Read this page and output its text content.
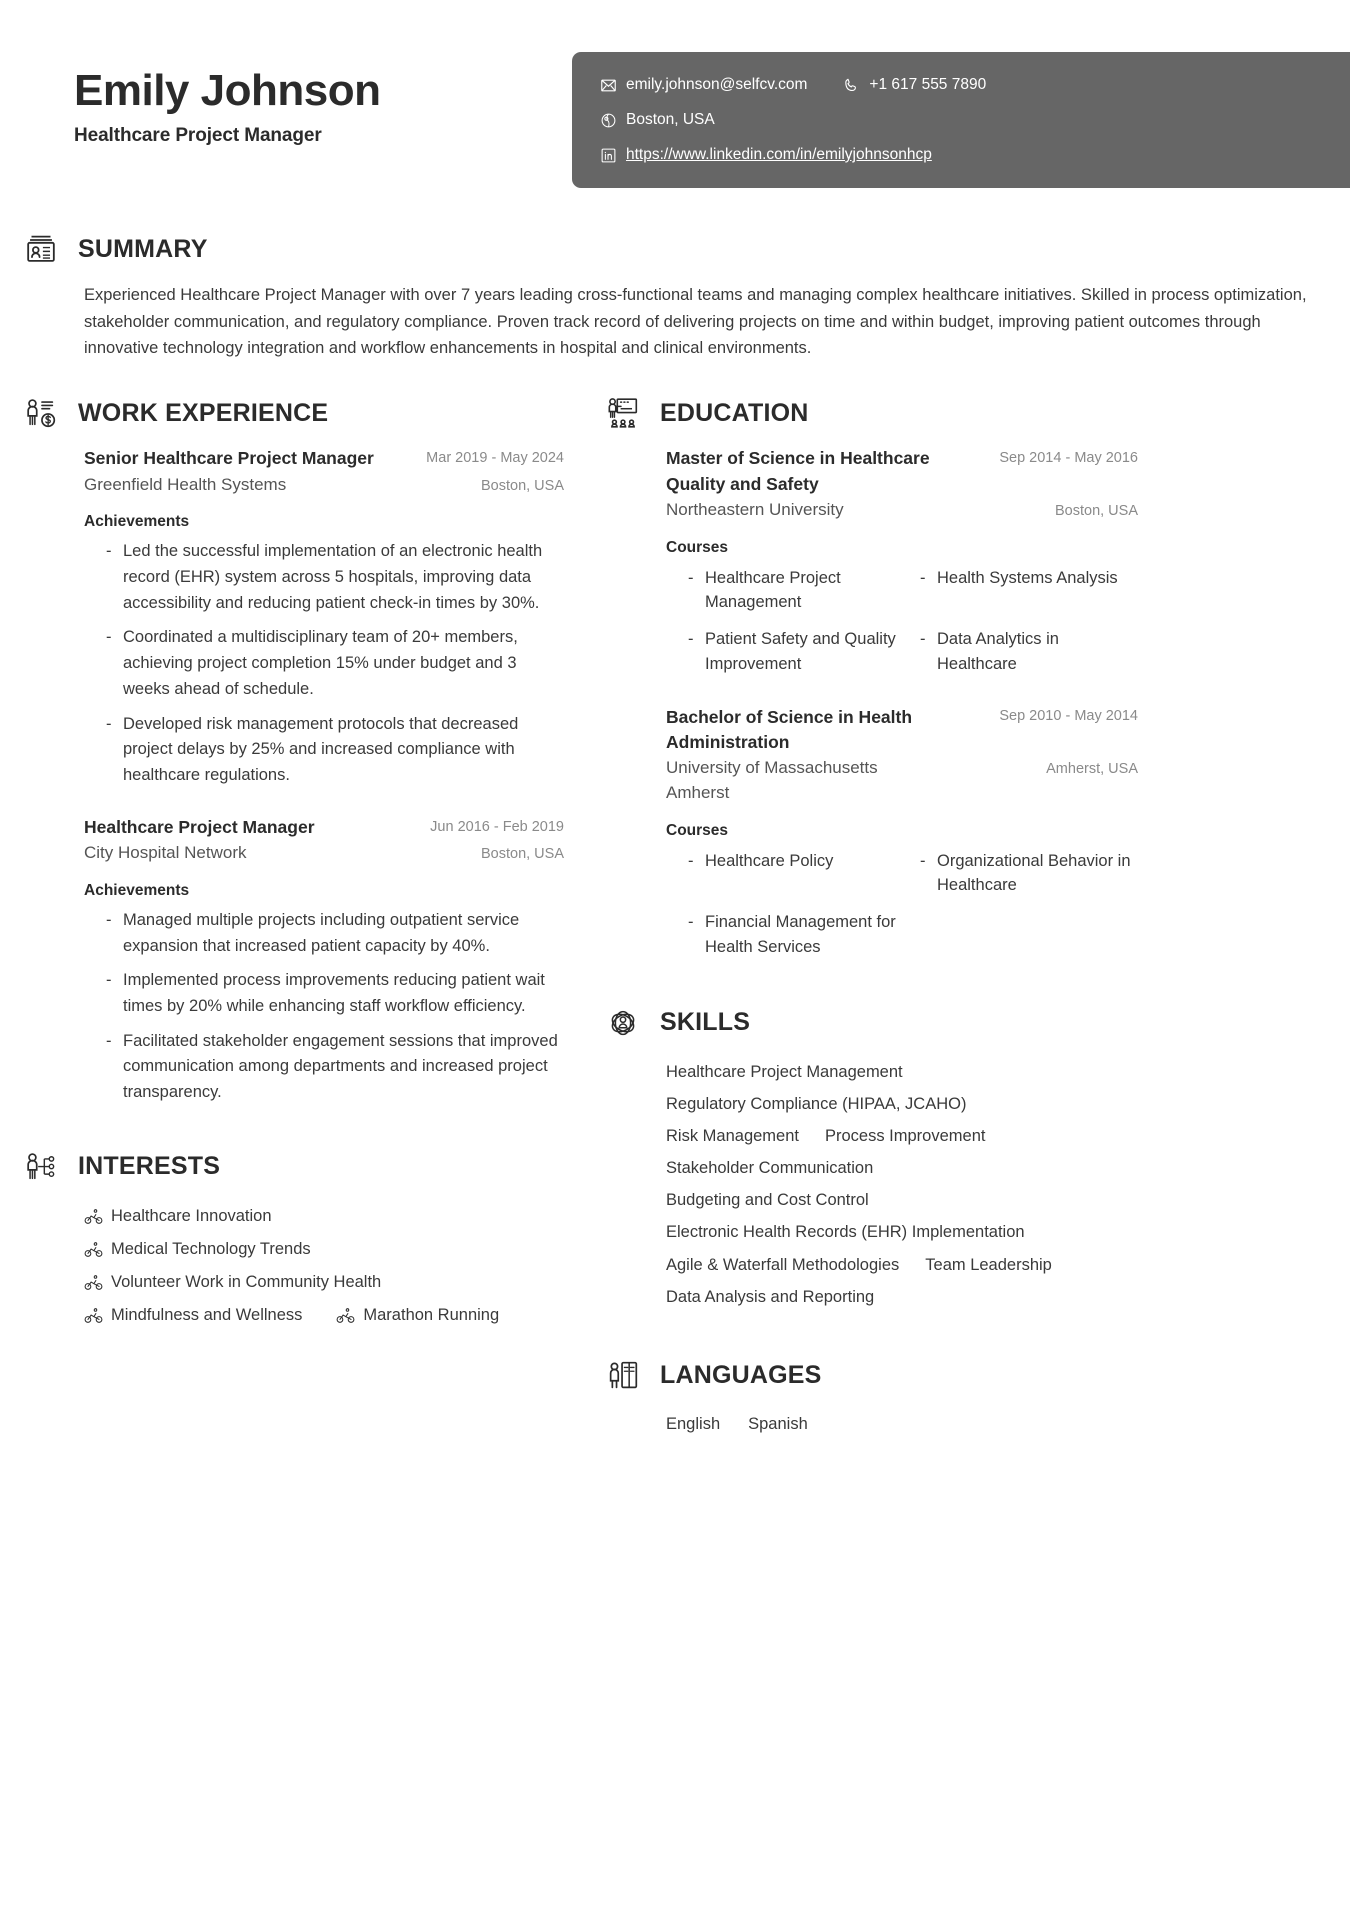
Emily Johnson
Healthcare Project Manager
emily.johnson@selfcv.com	+1 617 555 7890
Boston, USA
https://www.linkedin.com/in/emilyjohnsonhcp
SUMMARY
Experienced Healthcare Project Manager with over 7 years leading cross-functional teams and managing complex healthcare initiatives. Skilled in process optimization, stakeholder communication, and regulatory compliance. Proven track record of delivering projects on time and within budget, improving patient outcomes through innovative technology integration and workflow enhancements in hospital and clinical environments.
WORK EXPERIENCE
Senior Healthcare Project Manager	Mar 2019 - May 2024
Greenfield Health Systems	Boston, USA
Achievements
- Led the successful implementation of an electronic health record (EHR) system across 5 hospitals, improving data accessibility and reducing patient check-in times by 30%.
- Coordinated a multidisciplinary team of 20+ members, achieving project completion 15% under budget and 3 weeks ahead of schedule.
- Developed risk management protocols that decreased project delays by 25% and increased compliance with healthcare regulations.
Healthcare Project Manager	Jun 2016 - Feb 2019
City Hospital Network	Boston, USA
Achievements
- Managed multiple projects including outpatient service expansion that increased patient capacity by 40%.
- Implemented process improvements reducing patient wait times by 20% while enhancing staff workflow efficiency.
- Facilitated stakeholder engagement sessions that improved communication among departments and increased project transparency.
INTERESTS
Healthcare Innovation
Medical Technology Trends
Volunteer Work in Community Health
Mindfulness and Wellness	Marathon Running
EDUCATION
Master of Science in Healthcare Quality and Safety
Sep 2014 - May 2016
Northeastern University	Boston, USA
Courses
- Healthcare Project Management
- Health Systems Analysis
- Patient Safety and Quality Improvement
- Data Analytics in Healthcare
Bachelor of Science in Health Administration
Sep 2010 - May 2014
University of Massachusetts Amherst
Amherst, USA
Courses
- Healthcare Policy	- Organizational Behavior in Healthcare
- Financial Management for Health Services
SKILLS
Healthcare Project Management
Regulatory Compliance (HIPAA, JCAHO)
Risk Management Process Improvement
Stakeholder Communication
Budgeting and Cost Control
Electronic Health Records (EHR) Implementation
Agile & Waterfall Methodologies Team Leadership
Data Analysis and Reporting
LANGUAGES
English Spanish
